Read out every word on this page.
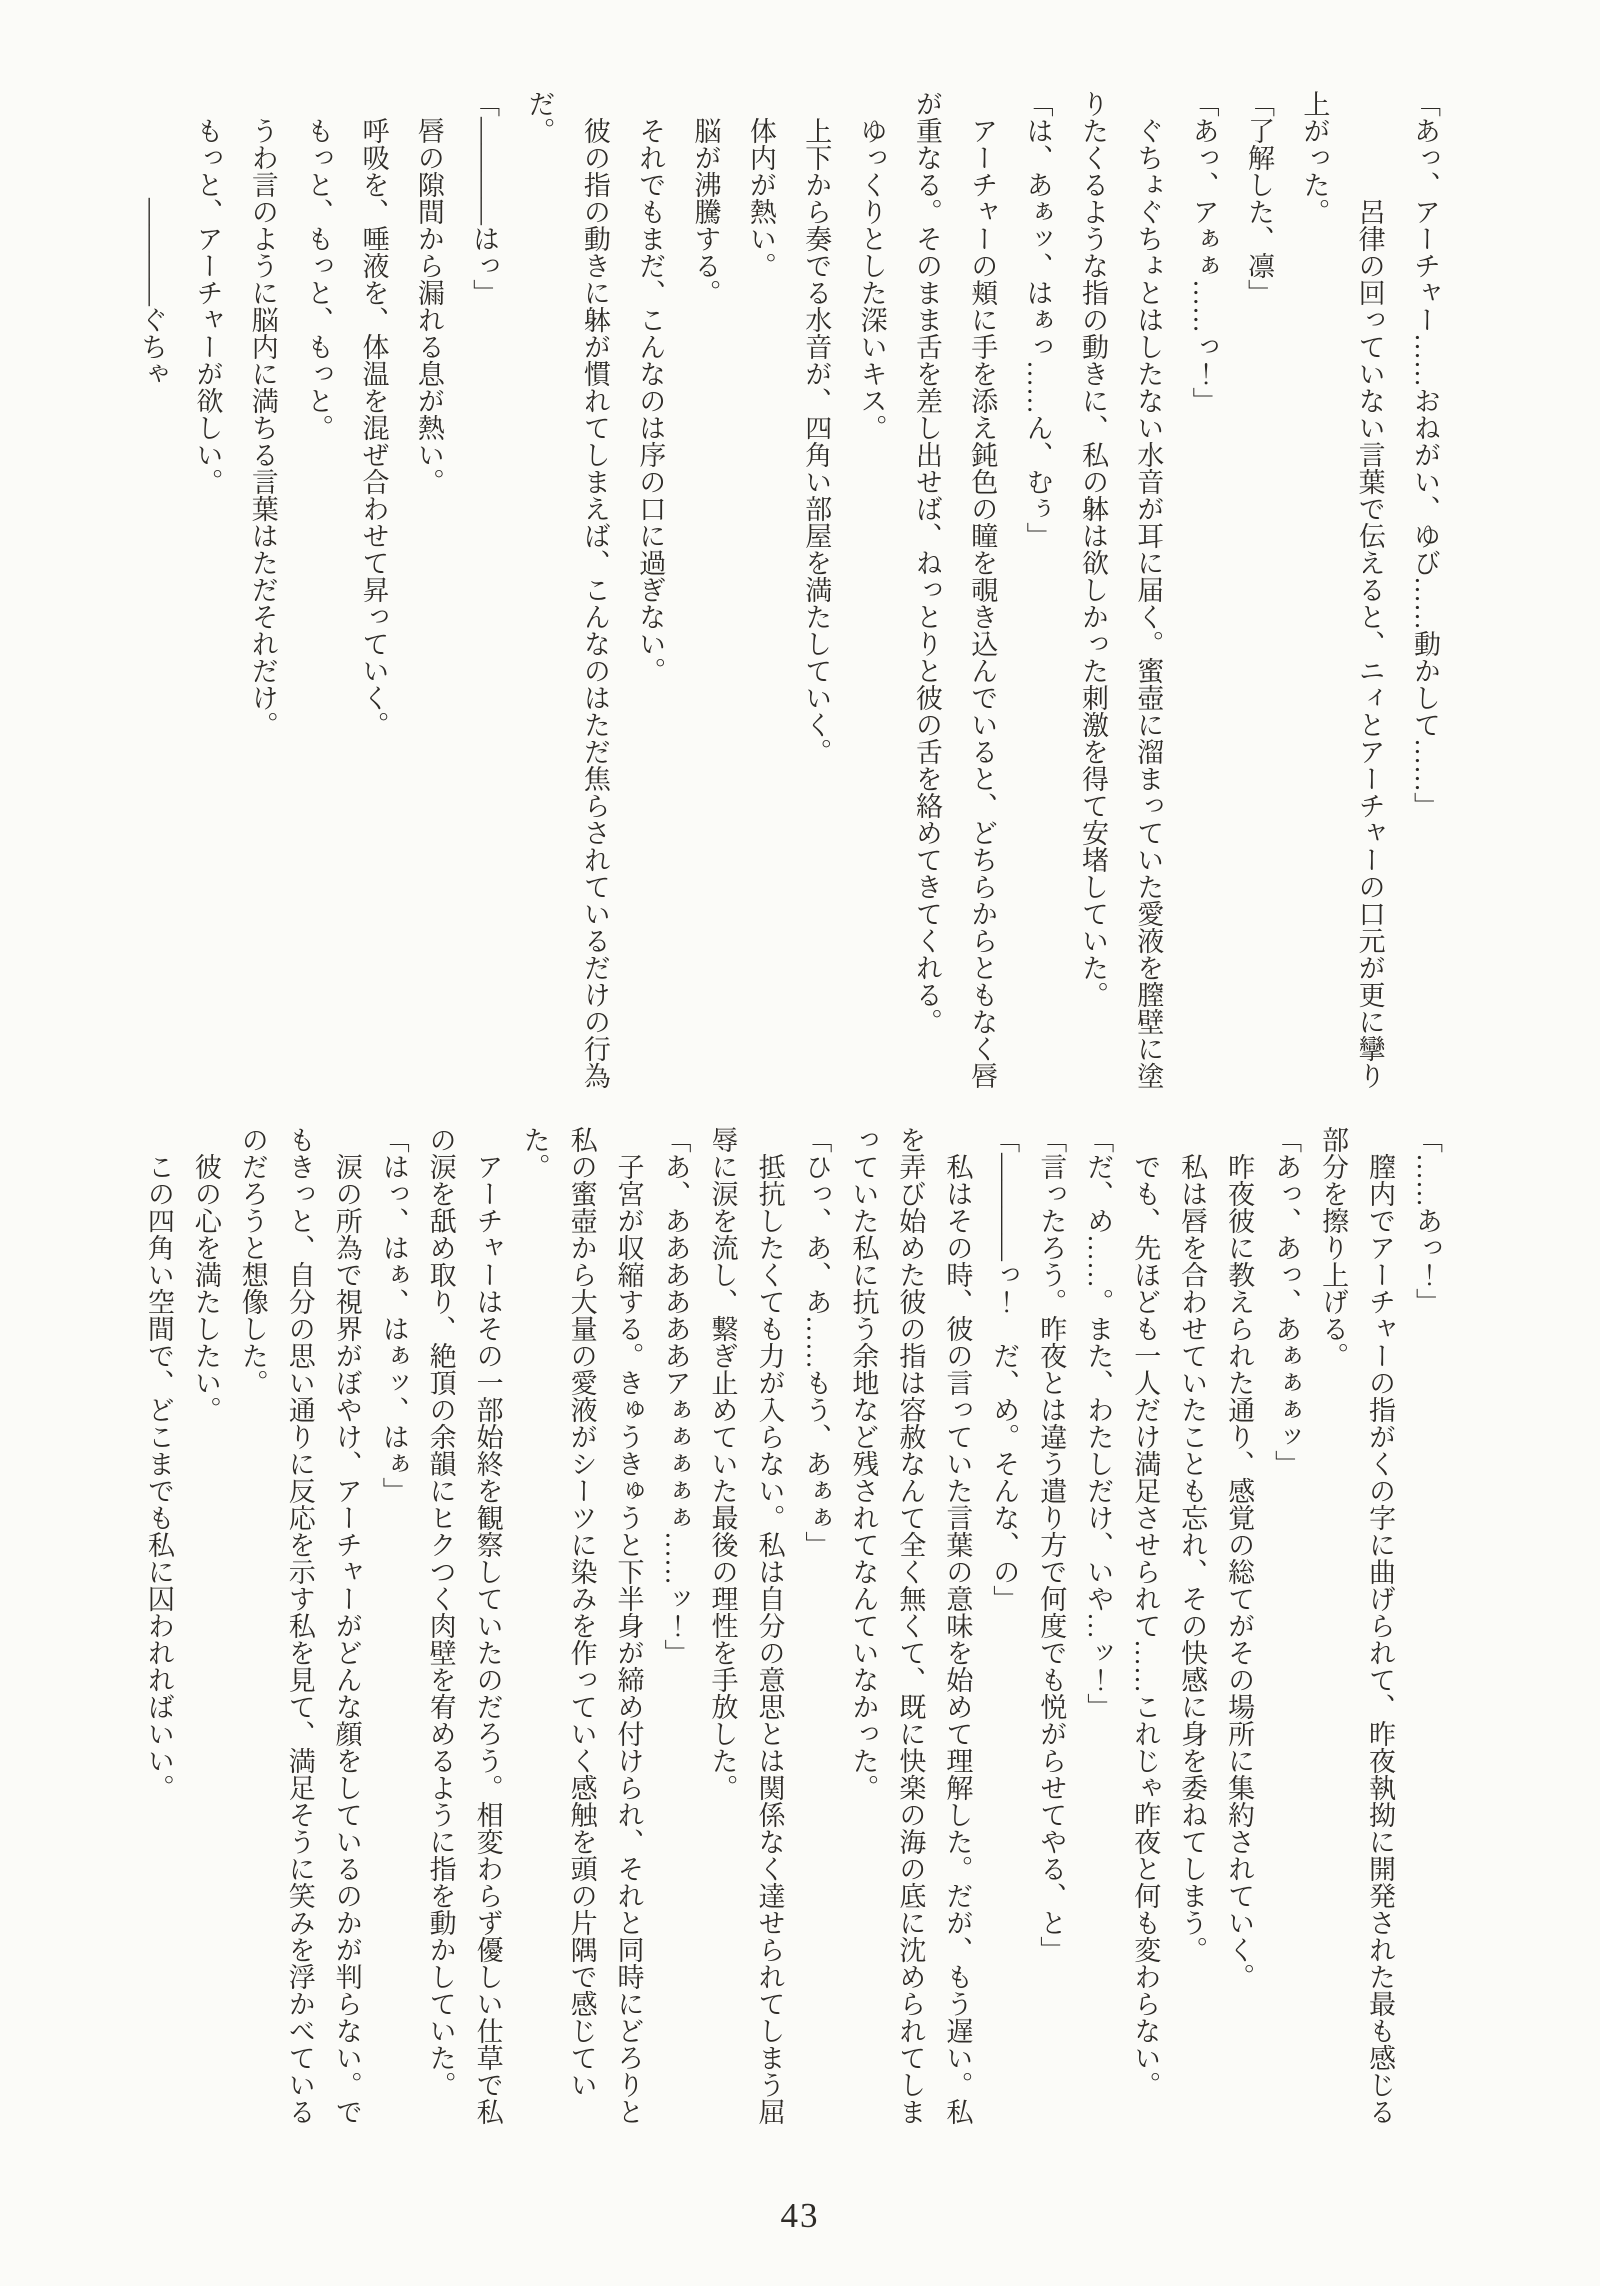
「あっ、アーチャー……おねがい、ゆび……動かして……」

呂律の回っていない言葉で伝えると、ニィとアーチャーの口元が更に攣り上がった。

「了解した、凛」

「あっ、アぁぁ……っ！」

ぐちょぐちょとはしたない水音が耳に届く。蜜壺に溜まっていた愛液を膣壁に塗りたくるような指の動きに、私の躰は欲しかった刺激を得て安堵していた。

「は、あぁッ、はぁっ……ん、むぅ」

アーチャーの頬に手を添え鈍色の瞳を覗き込んでいると、どちらからともなく唇が重なる。そのまま舌を差し出せば、ねっとりと彼の舌を絡めてきてくれる。

ゆっくりとした深いキス。

上下から奏でる水音が、四角い部屋を満たしていく。

体内が熱い。

脳が沸騰する。

それでもまだ、こんなのは序の口に過ぎない。

彼の指の動きに躰が慣れてしまえば、こんなのはただ焦らされているだけの行為だ。

「――――はっ」

唇の隙間から漏れる息が熱い。

呼吸を、唾液を、体温を混ぜ合わせて昇っていく。

もっと、もっと、もっと。

うわ言のように脳内に満ちる言葉はただそれだけ。

もっと、アーチャーが欲しい。

――――ぐちゃ

「……あっ！」

膣内でアーチャーの指がくの字に曲げられて、昨夜執拗に開発された最も感じる部分を擦り上げる。

「あっ、あっ、あぁぁぁッ」

昨夜彼に教えられた通り、感覚の総てがその場所に集約されていく。

私は唇を合わせていたことも忘れ、その快感に身を委ねてしまう。

でも、先ほども一人だけ満足させられて……これじゃ昨夜と何も変わらない。

「だ、め……。また、わたしだけ、いや…ッ！」

「言ったろう。昨夜とは違う遣り方で何度でも悦がらせてやる、と」

「――――っ！　だ、め。そんな、の」

私はその時、彼の言っていた言葉の意味を始めて理解した。だが、もう遅い。私を弄び始めた彼の指は容赦なんて全く無くて、既に快楽の海の底に沈められてしまっていた私に抗う余地など残されてなんていなかった。

「ひっ、あ、あ……もう、あぁぁ」

抵抗したくても力が入らない。私は自分の意思とは関係なく達せられてしまう屈辱に涙を流し、繋ぎ止めていた最後の理性を手放した。

「あ、ああああああアぁぁぁぁぁ……ッ！」

子宮が収縮する。きゅうきゅうと下半身が締め付けられ、それと同時にどろりと私の蜜壺から大量の愛液がシーツに染みを作っていく感触を頭の片隅で感じていた。

アーチャーはその一部始終を観察していたのだろう。相変わらず優しい仕草で私の涙を舐め取り、絶頂の余韻にヒクつく肉壁を宥めるように指を動かしていた。

「はっ、はぁ、はぁッ、はぁ」

涙の所為で視界がぼやけ、アーチャーがどんな顔をしているのかが判らない。でもきっと、自分の思い通りに反応を示す私を見て、満足そうに笑みを浮かべているのだろうと想像した。

彼の心を満たしたい。

この四角い空間で、どこまでも私に囚われればいい。

43
